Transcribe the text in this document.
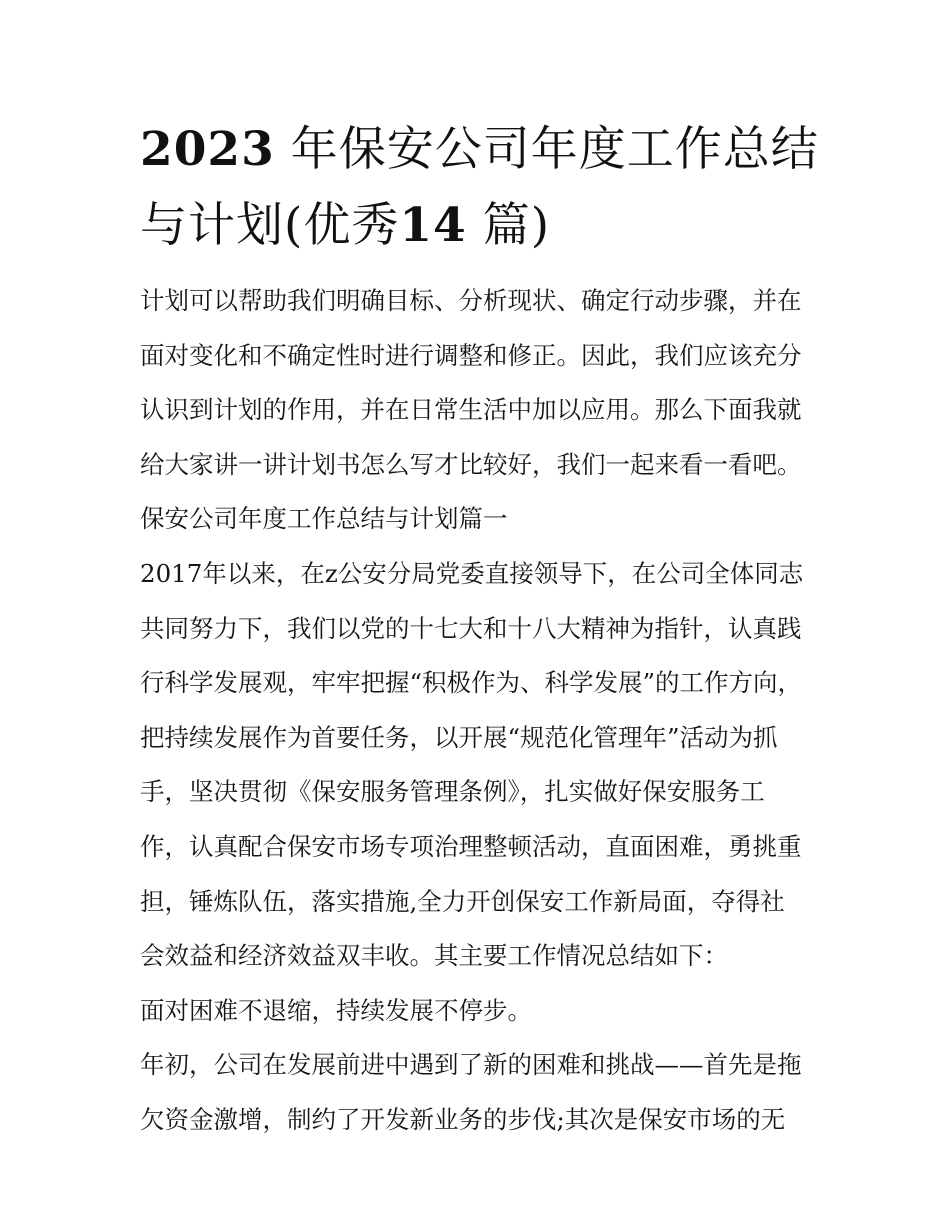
2023 年保安公司年度工作总结
与计划(优秀14 篇)
计划可以帮助我们明确目标、分析现状、确定行动步骤，并在
面对变化和不确定性时进行调整和修正。因此，我们应该充分
认识到计划的作用，并在日常生活中加以应用。那么下面我就
给大家讲一讲计划书怎么写才比较好，我们一起来看一看吧。
保安公司年度工作总结与计划篇一
2017年以来，在z公安分局党委直接领导下，在公司全体同志
共同努力下，我们以党的十七大和十八大精神为指针，认真践
行科学发展观，牢牢把握“积极作为、科学发展”的工作方向，
把持续发展作为首要任务，以开展“规范化管理年”活动为抓
手，坚决贯彻《保安服务管理条例》，扎实做好保安服务工
作，认真配合保安市场专项治理整顿活动，直面困难，勇挑重
担，锤炼队伍，落实措施,全力开创保安工作新局面，夺得社
会效益和经济效益双丰收。其主要工作情况总结如下：
面对困难不退缩，持续发展不停步。
年初，公司在发展前进中遇到了新的困难和挑战——首先是拖
欠资金激增，制约了开发新业务的步伐;其次是保安市场的无
